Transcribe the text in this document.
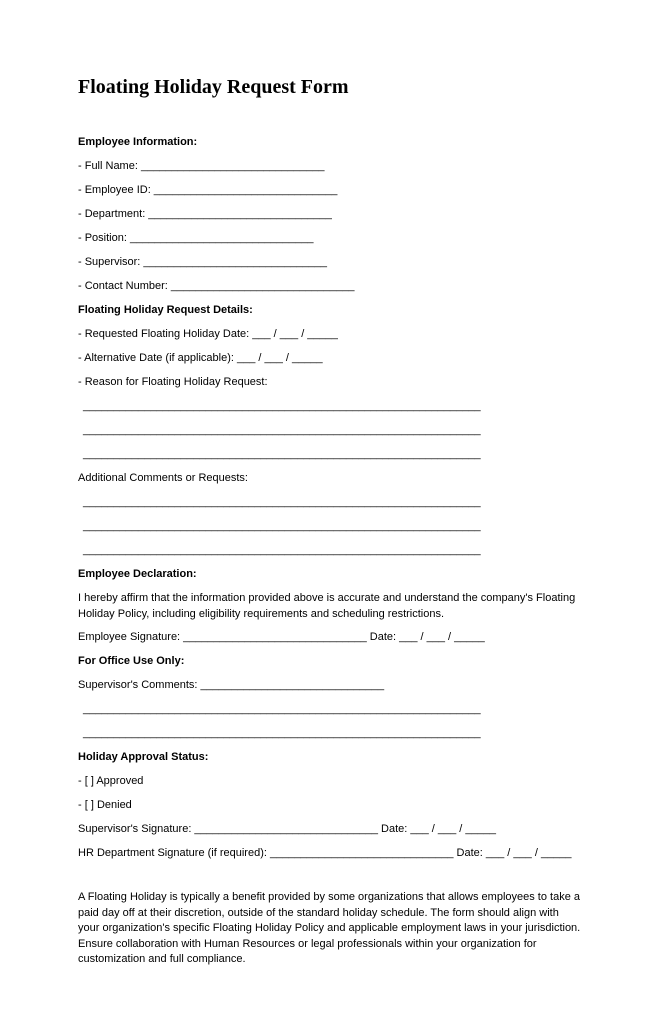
Floating Holiday Request Form
Employee Information:
- Full Name: ______________________________
- Employee ID: ______________________________
- Department: ______________________________
- Position: ______________________________
- Supervisor: ______________________________
- Contact Number: ______________________________
Floating Holiday Request Details:
- Requested Floating Holiday Date: ___ / ___ / _____
- Alternative Date (if applicable): ___ / ___ / _____
- Reason for Floating Holiday Request:
_________________________________________________________________
_________________________________________________________________
_________________________________________________________________
Additional Comments or Requests:
_________________________________________________________________
_________________________________________________________________
_________________________________________________________________
Employee Declaration:

I hereby affirm that the information provided above is accurate and understand the company's Floating Holiday Policy, including eligibility requirements and scheduling restrictions.

Employee Signature: ______________________________ Date: ___ / ___ / _____
For Office Use Only:
Supervisor's Comments: ______________________________
_________________________________________________________________
_________________________________________________________________
Holiday Approval Status:
- [ ] Approved
- [ ] Denied
Supervisor's Signature: ______________________________ Date: ___ / ___ / _____
HR Department Signature (if required): ______________________________ Date: ___ / ___ / _____

A Floating Holiday is typically a benefit provided by some organizations that allows employees to take a paid day off at their discretion, outside of the standard holiday schedule. The form should align with your organization's specific Floating Holiday Policy and applicable employment laws in your jurisdiction. Ensure collaboration with Human Resources or legal professionals within your organization for customization and full compliance.
